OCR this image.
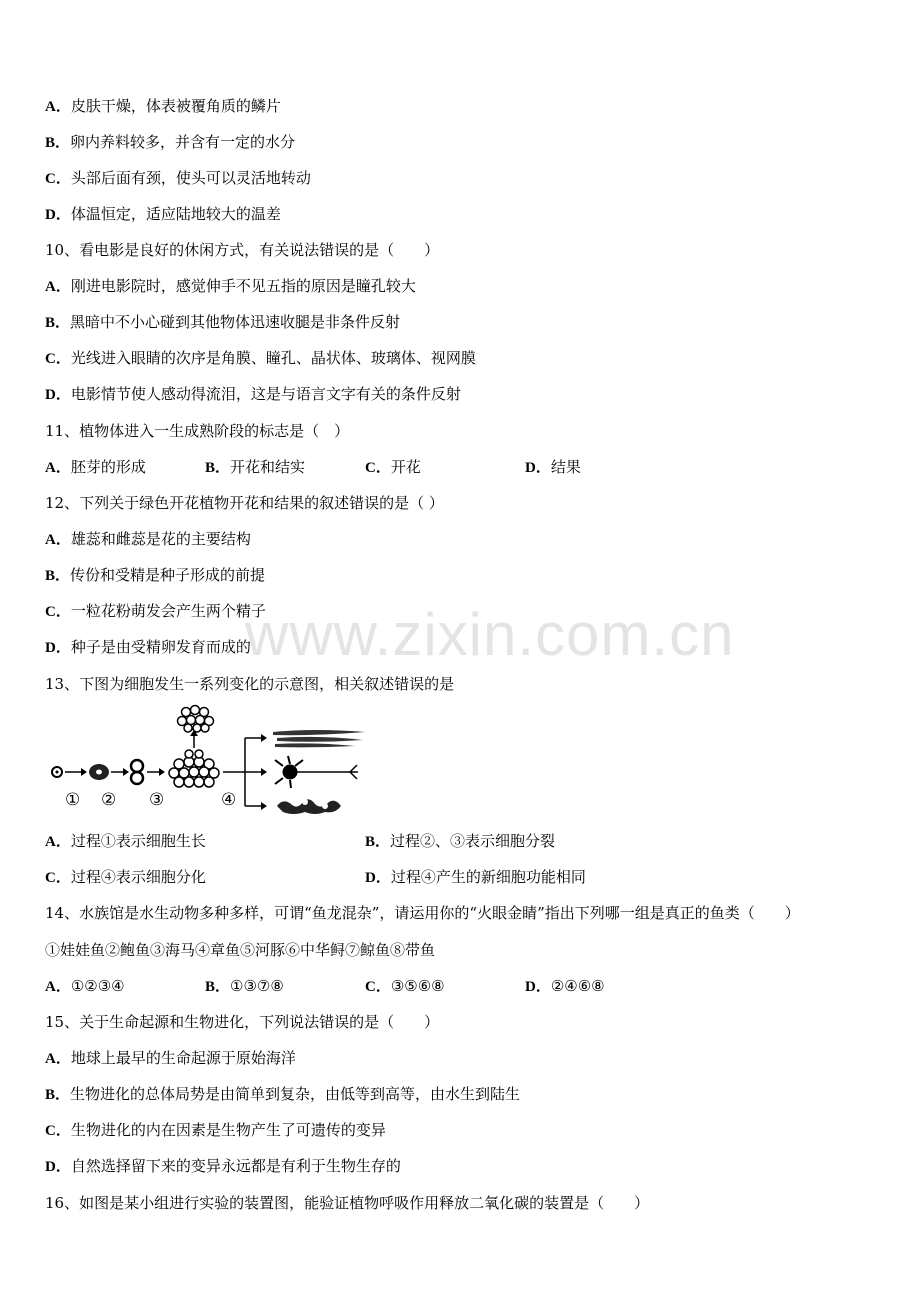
A．皮肤干燥，体表被覆角质的鳞片
B．卵内养料较多，并含有一定的水分
C．头部后面有颈，使头可以灵活地转动
D．体温恒定，适应陆地较大的温差
10、看电影是良好的休闲方式，有关说法错误的是（　　）
A．刚进电影院时，感觉伸手不见五指的原因是瞳孔较大
B．黑暗中不小心碰到其他物体迅速收腿是非条件反射
C．光线进入眼睛的次序是角膜、瞳孔、晶状体、玻璃体、视网膜
D．电影情节使人感动得流泪，这是与语言文字有关的条件反射
11、植物体进入一生成熟阶段的标志是（　）
A．胚芽的形成	B．开花和结实	C．开花	D．结果
12、下列关于绿色开花植物开花和结果的叙述错误的是（ ）
A．雄蕊和雌蕊是花的主要结构
B．传份和受精是种子形成的前提
C．一粒花粉萌发会产生两个精子
D．种子是由受精卵发育而成的
www.zixin.com.cn
13、下图为细胞发生一系列变化的示意图，相关叙述错误的是
① ② ③	④
A．过程①表示细胞生长	B．过程②、③表示细胞分裂
C．过程④表示细胞分化	D．过程④产生的新细胞功能相同
14、水族馆是水生动物多种多样，可谓“鱼龙混杂”，请运用你的“火眼金睛”指出下列哪一组是真正的鱼类（　　）
①娃娃鱼②鲍鱼③海马④章鱼⑤河豚⑥中华鲟⑦鲸鱼⑧带鱼
A．①②③④	B．①③⑦⑧	C．③⑤⑥⑧	D．②④⑥⑧
15、关于生命起源和生物进化，下列说法错误的是（　　）
A．地球上最早的生命起源于原始海洋
B．生物进化的总体局势是由简单到复杂，由低等到高等，由水生到陆生
C．生物进化的内在因素是生物产生了可遗传的变异
D．自然选择留下来的变异永远都是有利于生物生存的
16、如图是某小组进行实验的装置图，能验证植物呼吸作用释放二氧化碳的装置是（　　）
